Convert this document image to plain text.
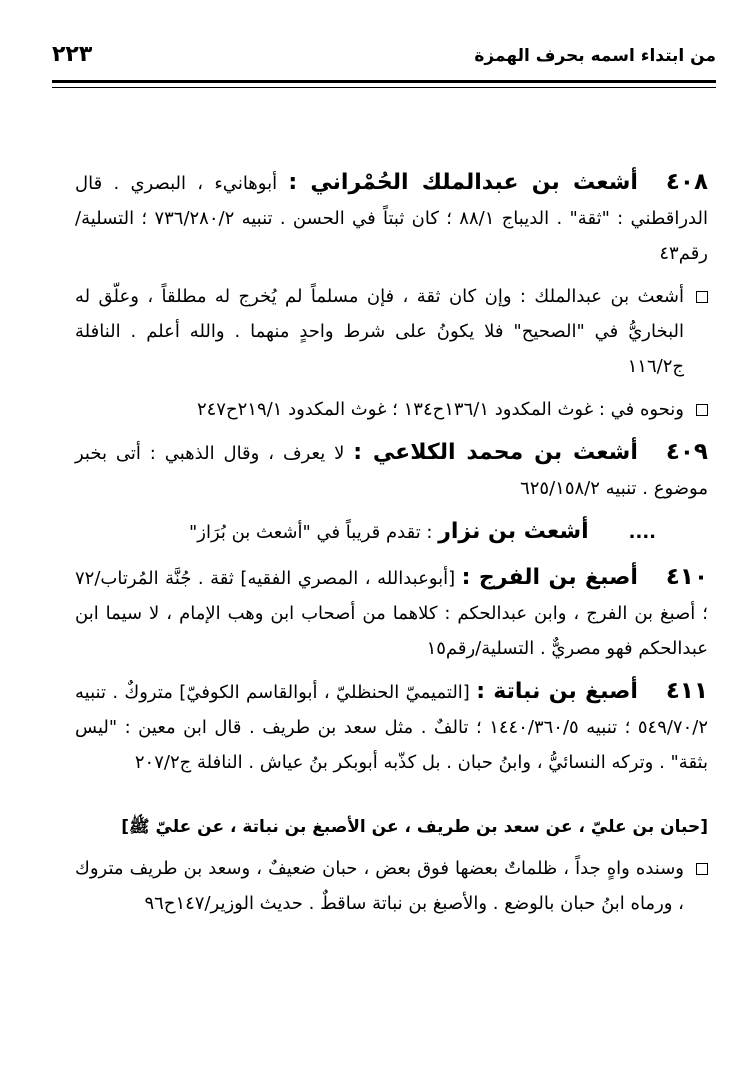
من ابتداء اسمه بحرف الهمزة
٢٢٣

٤٠٨أشعث بن عبدالملك الحُمْراني : أبوهانيء ، البصري . قال الدراقطني : "ثقة" . الديباج ٨٨/١ ؛ كان ثبتاً في الحسن . تنبيه ٧٣٦/٢٨٠/٢ ؛ التسلية/رقم٤٣

أشعث بن عبدالملك : وإن كان ثقة ، فإن مسلماً لم يُخرج له مطلقاً ، وعلّق له البخاريُّ في "الصحيح" فلا يكونُ على شرط واحدٍ منهما . والله أعلم . النافلة ج١١٦/٢

ونحوه في : غوث المكدود ١٣٦/١ح١٣٤ ؛ غوث المكدود ٢١٩/١ح٢٤٧

٤٠٩أشعث بن محمد الكلاعي : لا يعرف ، وقال الذهبي : أتى بخبر موضوع . تنبيه ٦٢٥/١٥٨/٢

....أشعث بن نزار : تقدم قريباً في "أشعث بن بُرَاز"

٤١٠أصبغ بن الفرج : [أبوعبدالله ، المصري الفقيه] ثقة . جُنَّة المُرتاب/٧٢ ؛ أصبغ بن الفرج ، وابن عبدالحكم : كلاهما من أصحاب ابن وهب الإمام ، لا سيما ابن عبدالحكم فهو مصريٌّ . التسلية/رقم١٥

٤١١أصبغ بن نباتة : [التميميّ الحنظليّ ، أبوالقاسم الكوفيّ] متروكٌ . تنبيه ٥٤٩/٧٠/٢ ؛ تنبيه ١٤٤٠/٣٦٠/٥ ؛ تالفٌ . مثل سعد بن طريف . قال ابن معين : "ليس بثقة" . وتركه النسائيُّ ، وابنُ حبان . بل كذّبه أبوبكر بنُ عياش . النافلة ج٢٠٧/٢

[حبان بن عليّ ، عن سعد بن طريف ، عن الأصبغ بن نباتة ، عن عليّ ﷺ]

وسنده واهٍ جداً ، ظلماتٌ بعضها فوق بعض ، حبان ضعيفٌ ، وسعد بن طريف متروك ، ورماه ابنُ حبان بالوضع . والأصبغ بن نباتة ساقطٌ . حديث الوزير/١٤٧ح٩٦
